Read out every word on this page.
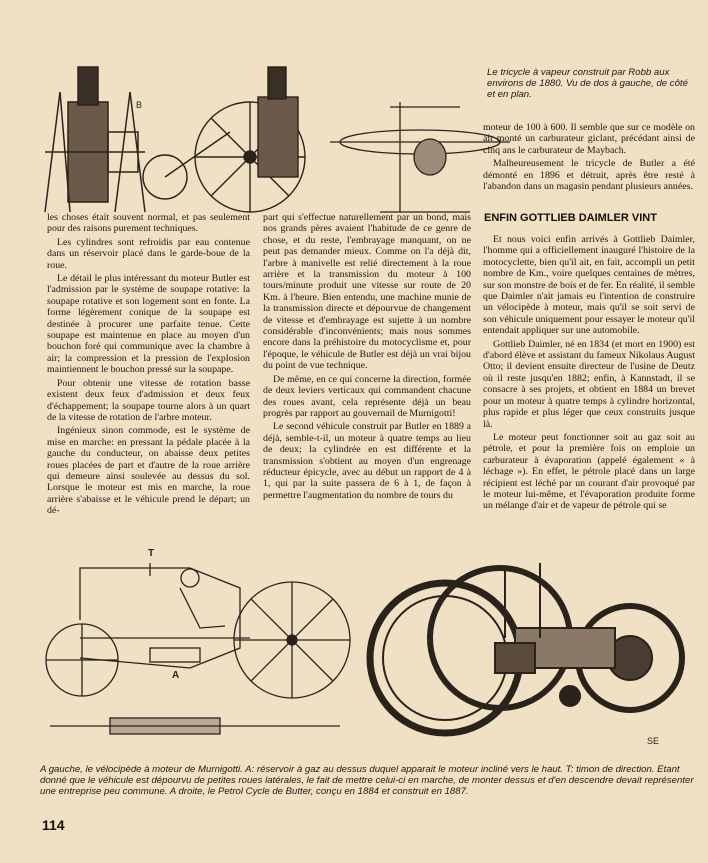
B
Le tricycle à vapeur construit par Robb aux environs de 1880. Vu de dos à gauche, de côté et en plan.

moteur de 100 à 600. Il semble que sur ce modèle on ait monté un carburateur giclant, précédant ainsi de cinq ans le carburateur de Maybach.

Malheureusement le tricycle de Butler a été démonté en 1896 et détruit, après être resté à l'abandon dans un magasin pendant plusieurs années.

ENFIN GOTTLIEB DAIMLER VINT

Et nous voici enfin arrivés à Gottlieb Daimler, l'homme qui a officiellement inauguré l'histoire de la motocyclette, bien qu'il ait, en fait, accompli un petit nombre de Km., voire quelques centaines de mètres, sur son monstre de bois et de fer. En réalité, il semble que Daimler n'ait jamais eu l'intention de construire un vélocipède à moteur, mais qu'il se soit servi de son véhicule uniquement pour essayer le moteur qu'il entendait appliquer sur une automobile.

Gottlieb Daimler, né en 1834 (et mort en 1900) est d'abord élève et assistant du fameux Nikolaus August Otto; il devient ensuite directeur de l'usine de Deutz où il reste jusqu'en 1882; enfin, à Kannstadt, il se consacre à ses projets, et obtient en 1884 un brevet pour un moteur à quatre temps à cylindre horizontal, plus rapide et plus léger que ceux construits jusque là.

Le moteur peut fonctionner soit au gaz soit au pétrole, et pour la première fois on emploie un carburateur à évaporation (appelé également « à léchage »). En effet, le pétrole placé dans un large récipient est léché par un courant d'air provoqué par le moteur lui-même, et l'évaporation produite forme un mélange d'air et de vapeur de pétrole qui se

les choses était souvent normal, et pas seulement pour des raisons purement techniques.

Les cylindres sont refroidis par eau contenue dans un réservoir placé dans le garde-boue de la roue.

Le détail le plus intéressant du moteur Butler est l'admission par le système de soupape rotative: la soupape rotative et son logement sont en fonte. La forme légèrement conique de la soupape est destinée à procurer une parfaite tenue. Cette soupape est maintenue en place au moyen d'un bouchon foré qui communique avec la chambre à air; la compression et la pression de l'explosion maintiennent le bouchon pressé sur la soupape.

Pour obtenir une vitesse de rotation basse existent deux feux d'admission et deux feux d'échappement; la soupape tourne alors à un quart de la vitesse de rotation de l'arbre moteur.

Ingénieux sinon commode, est le système de mise en marche: en pressant la pédale placée à la gauche du conducteur, on abaisse deux petites roues placées de part et d'autre de la roue arrière qui demeure ainsi soulevée au dessus du sol. Lorsque le moteur est mis en marche, la roue arrière s'abaisse et le véhicule prend le départ; un dé-

part qui s'effectue naturellement par un bond, mais nos grands pères avaient l'habitude de ce genre de chose, et du reste, l'embrayage manquant, on ne peut pas demander mieux. Comme on l'a déjà dit, l'arbre à manivelle est relié directement à la roue arrière et la transmission du moteur à 100 tours/minute produit une vitesse sur route de 20 Km. à l'heure. Bien entendu, une machine munie de la transmission directe et dépourvue de changement de vitesse et d'embrayage est sujette à un nombre considérable d'inconvénients; mais nous sommes encore dans la préhistoire du motocyclisme et, pour l'époque, le véhicule de Butler est déjà un vrai bijou du point de vue technique.

De même, en ce qui concerne la direction, formée de deux leviers verticaux qui commandent chacune des roues avant, cela représente déjà un beau progrès par rapport au gouvernail de Murnigotti!

Le second véhicule construit par Butler en 1889 a déjà, semble-t-il, un moteur à quatre temps au lieu de deux; la cylindrée en est différente et la transmission s'obtient au moyen d'un engrenage réducteur épicycle, avec au début un rapport de 4 à 1, qui par la suite passera de 6 à 1, de façon à permettre l'augmentation du nombre de tours du

T
A
SE
A gauche, le vélocipède à moteur de Murnigotti. A: réservoir à gaz au dessus duquel apparait le moteur incliné vers le haut. T: timon de direction. Etant donné que le véhicule est dépourvu de petites roues latérales, le fait de mettre celui-ci en marche, de monter dessus et d'en descendre devait représenter une entreprise peu commune. A droite, le Petrol Cycle de Butter, conçu en 1884 et construit en 1887.
114
